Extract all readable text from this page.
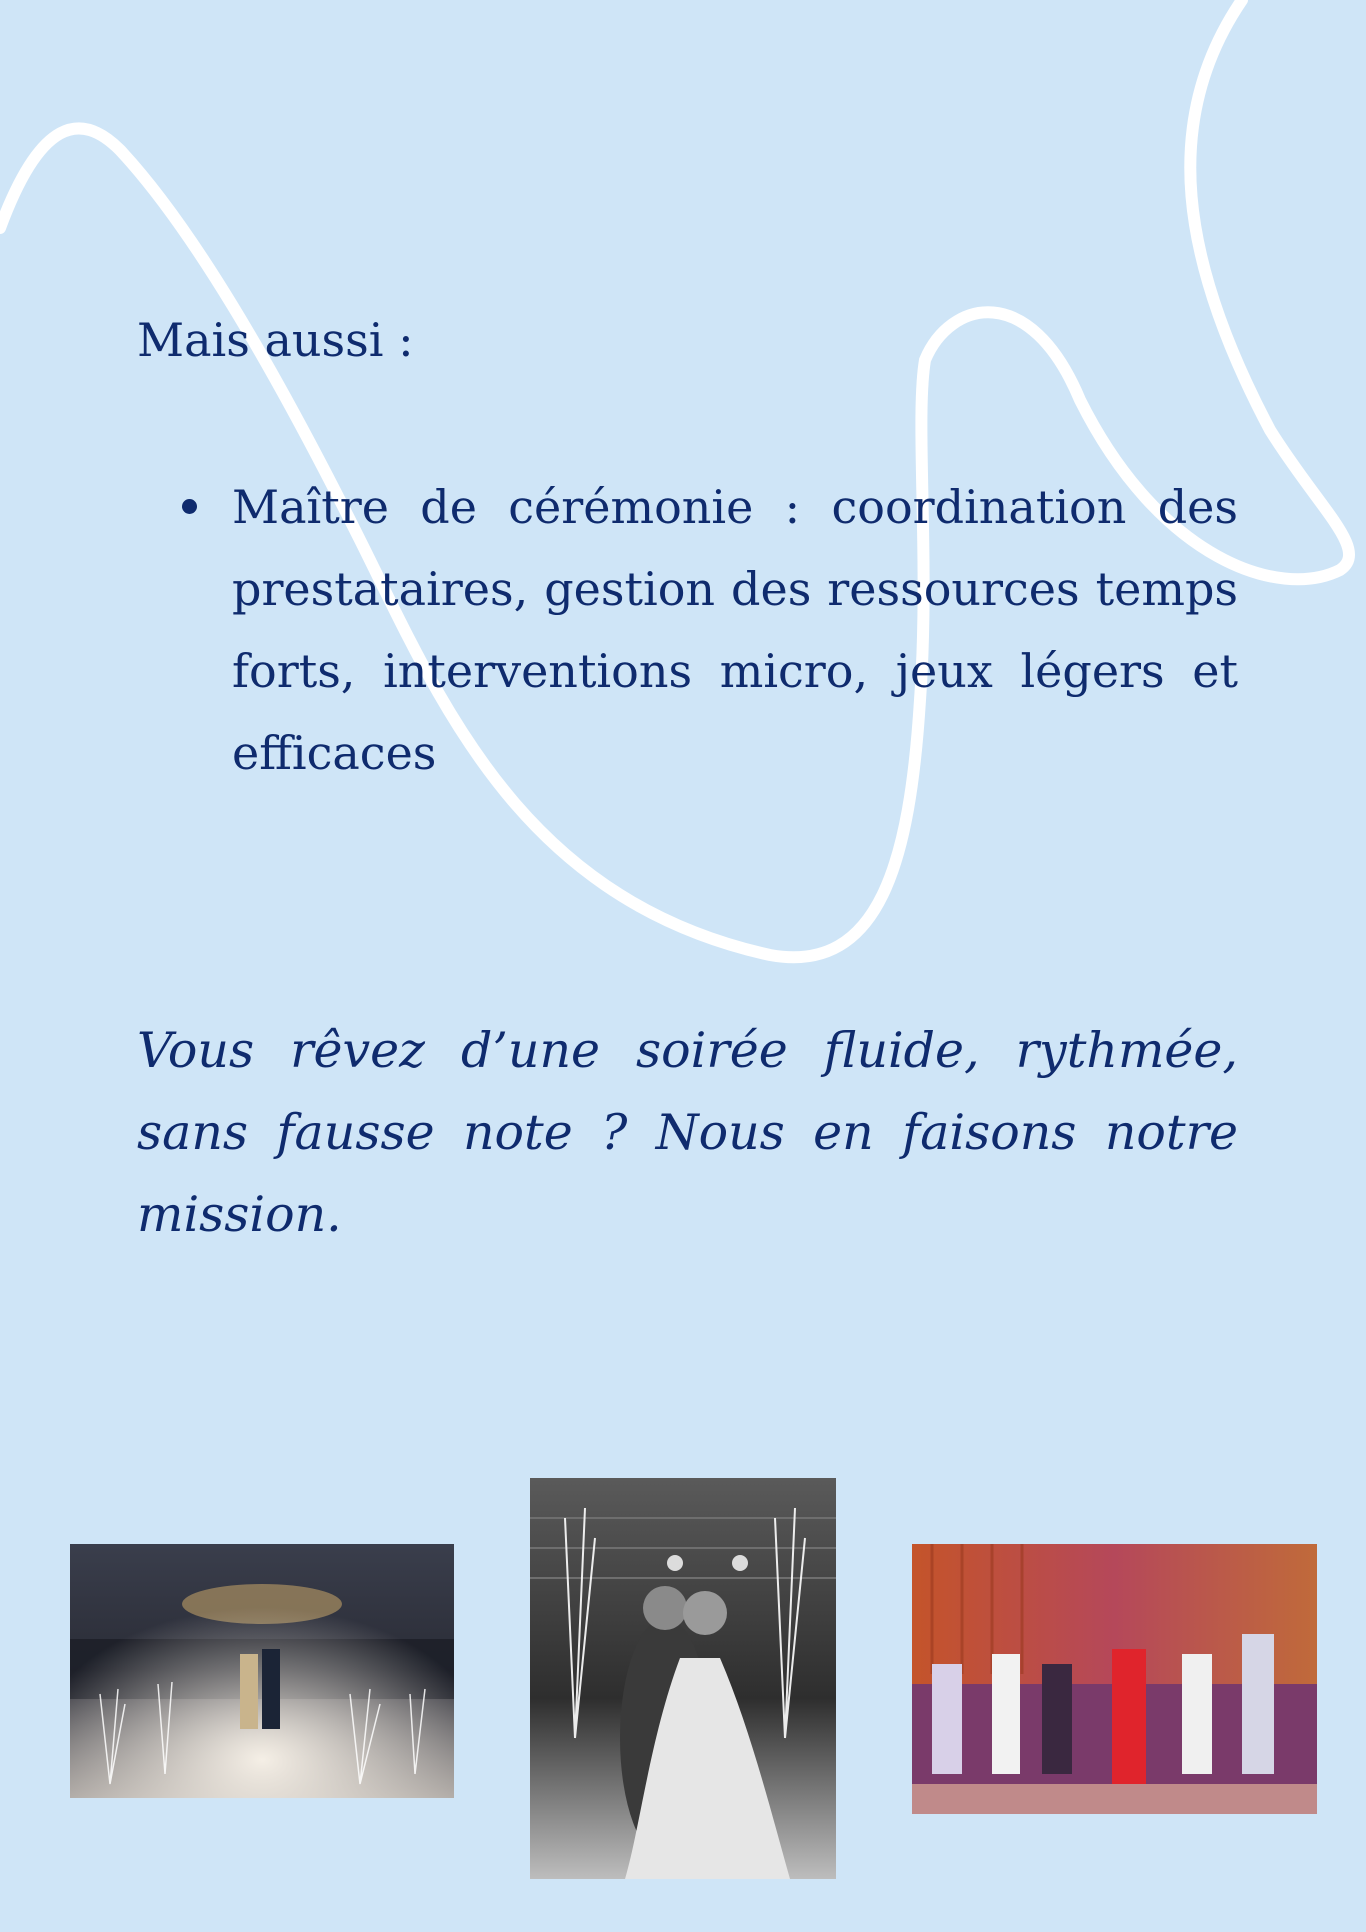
Mais aussi :
Maître de cérémonie : coordination des prestataires, gestion des ressources temps forts, interventions micro, jeux légers et efficaces

Vous rêvez d’une soirée fluide, rythmée, sans fausse note ? Nous en faisons notre mission.
